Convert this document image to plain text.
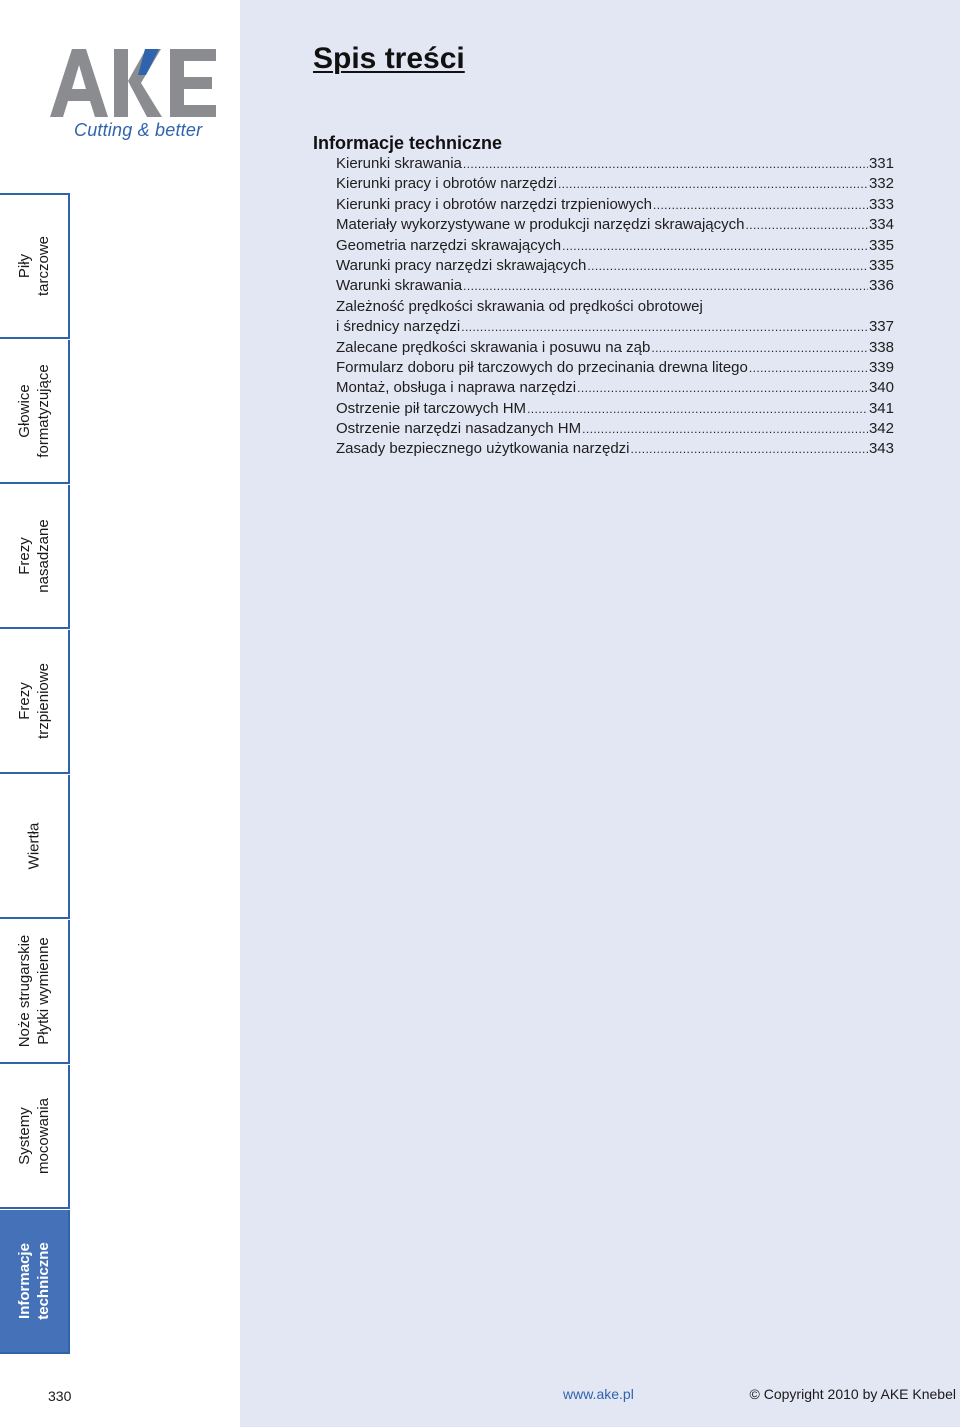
Cutting & better
Piły tarczowe
Głowice formatyzujące
Frezy nasadzane
Frezy trzpieniowe
Wiertła
Noże strugarskie Płytki wymienne
Systemy mocowania
Informacje techniczne
Spis treści
Informacje techniczne
Kierunki skrawania .....	331
Kierunki pracy i obrotów narzędzi .....	332
Kierunki pracy i obrotów narzędzi trzpieniowych .....	333
Materiały wykorzystywane w produkcji narzędzi skrawających .....	334
Geometria narzędzi skrawających .....	335
Warunki pracy narzędzi skrawających .....	335
Warunki skrawania .....	336
Zależność prędkości skrawania od prędkości obrotowej
i średnicy narzędzi .....	337
Zalecane prędkości skrawania i posuwu na ząb .....	338
Formularz doboru pił tarczowych do przecinania drewna litego .....	339
Montaż, obsługa i naprawa narzędzi .....	340
Ostrzenie pił tarczowych HM .....	341
Ostrzenie narzędzi nasadzanych HM .....	342
Zasady bezpiecznego użytkowania narzędzi .....	343
330	www.ake.pl	© Copyright 2010 by AKE Knebel
